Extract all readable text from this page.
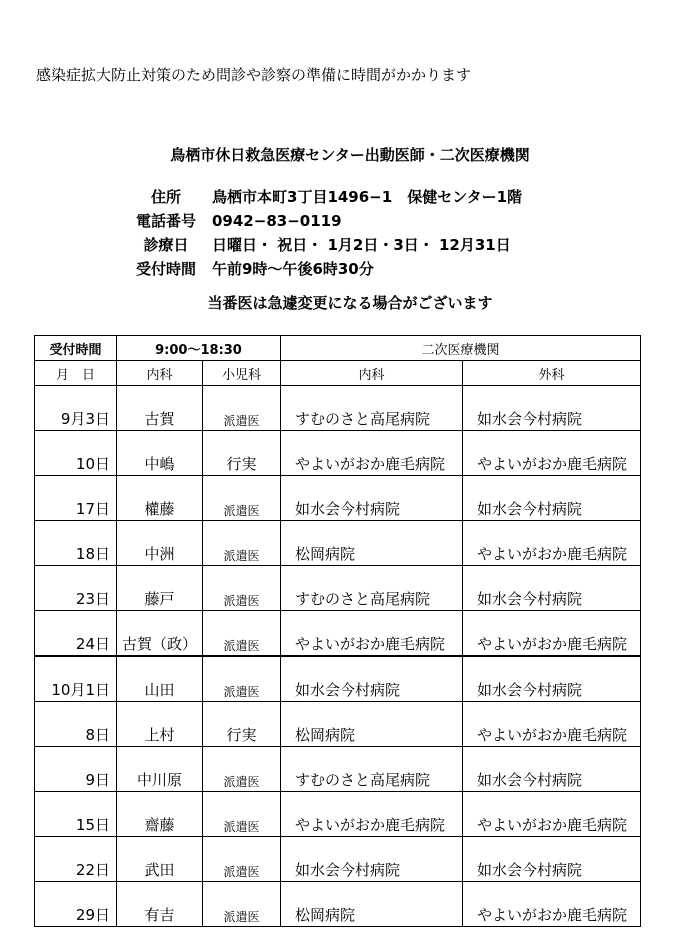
感染症拡大防止対策のため問診や診察の準備に時間がかかります
鳥栖市休日救急医療センター出動医師・二次医療機関
住所	鳥栖市本町3丁目1496−1　保健センター1階
電話番号	0942−83−0119
診療日	日曜日・ 祝日・ 1月2日・3日・ 12月31日
受付時間	午前9時～午後6時30分
当番医は急遽変更になる場合がございます
受付時間	9:00～18:30		二次医療機関	
月　日	内科	小児科	内科	外科
9月3日	古賀	派遣医	すむのさと高尾病院	如水会今村病院
10日	中嶋	行実	やよいがおか鹿毛病院	やよいがおか鹿毛病院
17日	權藤	派遣医	如水会今村病院	如水会今村病院
18日	中洲	派遣医	松岡病院	やよいがおか鹿毛病院
23日	藤戸	派遣医	すむのさと高尾病院	如水会今村病院
24日	古賀（政）	派遣医	やよいがおか鹿毛病院	やよいがおか鹿毛病院
10月1日	山田	派遣医	如水会今村病院	如水会今村病院
8日	上村	行実	松岡病院	やよいがおか鹿毛病院
9日	中川原	派遣医	すむのさと高尾病院	如水会今村病院
15日	齋藤	派遣医	やよいがおか鹿毛病院	やよいがおか鹿毛病院
22日	武田	派遣医	如水会今村病院	如水会今村病院
29日	有吉	派遣医	松岡病院	やよいがおか鹿毛病院
